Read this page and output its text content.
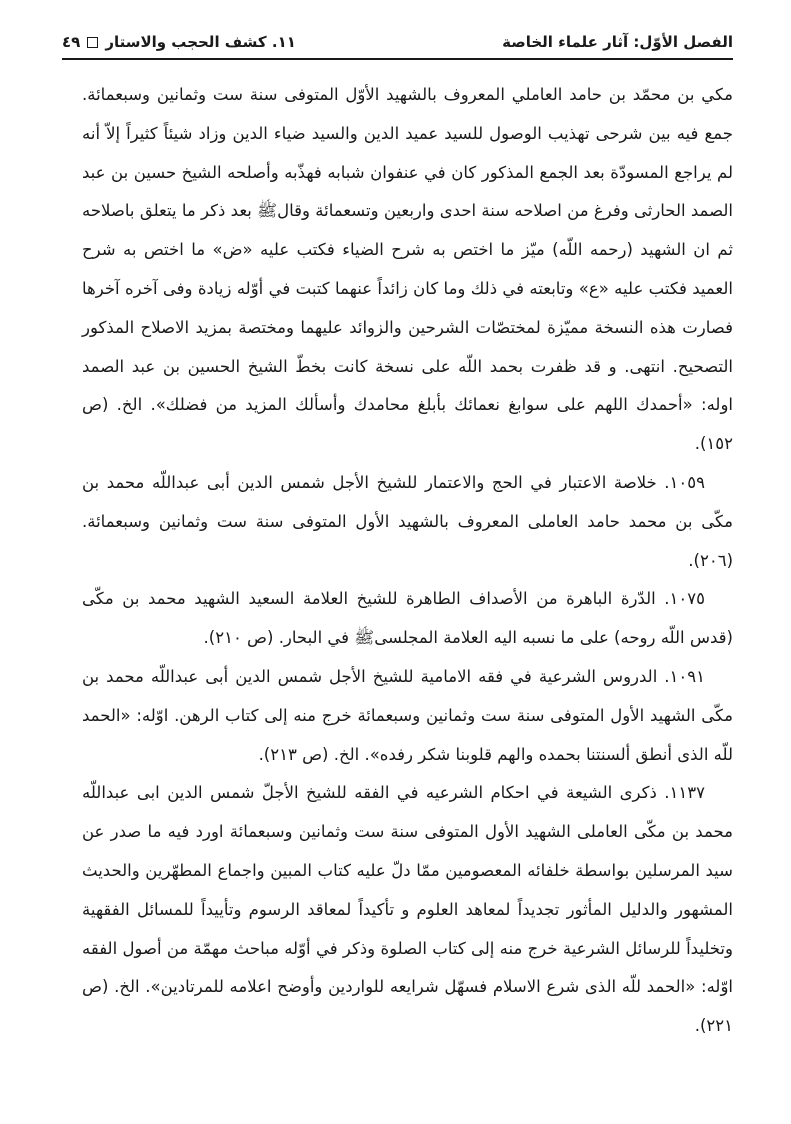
الفصل الأوّل: آثار علماء الخاصة
١١. كشف الحجب والاستار
٤٩

مكي بن محمّد بن حامد العاملي المعروف بالشهيد الأوّل المتوفى سنة ست وثمانين وسبعمائة. جمع فيه بين شرحى تهذيب الوصول للسيد عميد الدين والسيد ضياء الدين وزاد شيئاً كثيراً إلاّ أنه لم يراجع المسودّة بعد الجمع المذكور كان في عنفوان شبابه فهذّبه وأصلحه الشيخ حسين بن عبد الصمد الحارثى وفرغ من اصلاحه سنة احدى واربعين وتسعمائة وقالﷺ بعد ذكر ما يتعلق باصلاحه ثم ان الشهيد (رحمه اللّه) ميّز ما اختص به شرح الضياء فكتب عليه «ض» ما اختص به شرح العميد فكتب عليه «ع» وتابعته في ذلك وما كان زائداً عنهما كتبت في أوّله زيادة وفى آخره آخرها فصارت هذه النسخة مميّزة لمختصّات الشرحين والزوائد عليهما ومختصة بمزيد الاصلاح المذكور التصحيح. انتهى. و قد ظفرت بحمد اللّه على نسخة كانت بخطّ الشيخ الحسين بن عبد الصمد اوله: «أحمدك اللهم على سوابغ نعمائك بأبلغ محامدك وأسألك المزيد من فضلك». الخ. (ص ١٥٢).

١٠٥٩. خلاصة الاعتبار في الحج والاعتمار للشيخ الأجل شمس الدين أبى عبداللّه محمد بن مكّى بن محمد حامد العاملى المعروف بالشهيد الأول المتوفى سنة ست وثمانين وسبعمائة. (٢٠٦).

١٠٧٥. الدّرة الباهرة من الأصداف الطاهرة للشيخ العلامة السعيد الشهيد محمد بن مكّى (قدس اللّه روحه) على ما نسبه اليه العلامة المجلسىﷺ في البحار. (ص ٢١٠).

١٠٩١. الدروس الشرعية في فقه الامامية للشيخ الأجل شمس الدين أبى عبداللّه محمد بن مكّى الشهيد الأول المتوفى سنة ست وثمانين وسبعمائة خرج منه إلى كتاب الرهن. اوّله: «الحمد للّه الذى أنطق ألسنتنا بحمده والهم قلوبنا شكر رفده». الخ. (ص ٢١٣).

١١٣٧. ذكرى الشيعة في احكام الشرعيه في الفقه للشيخ الأجلّ شمس الدين ابى عبداللّه محمد بن مكّى العاملى الشهيد الأول المتوفى سنة ست وثمانين وسبعمائة اورد فيه ما صدر عن سيد المرسلين بواسطة خلفائه المعصومين ممّا دلّ عليه كتاب المبين واجماع المطهّرين والحديث المشهور والدليل المأثور تجديداً لمعاهد العلوم و تأكيداً لمعاقد الرسوم وتأييداً للمسائل الفقهية وتخليداً للرسائل الشرعية خرج منه إلى كتاب الصلوة وذكر في أوّله مباحث مهمّة من أصول الفقه اوّله: «الحمد للّه الذى شرع الاسلام فسهّل شرايعه للواردين وأوضح اعلامه للمرتادين». الخ. (ص ٢٢١).
